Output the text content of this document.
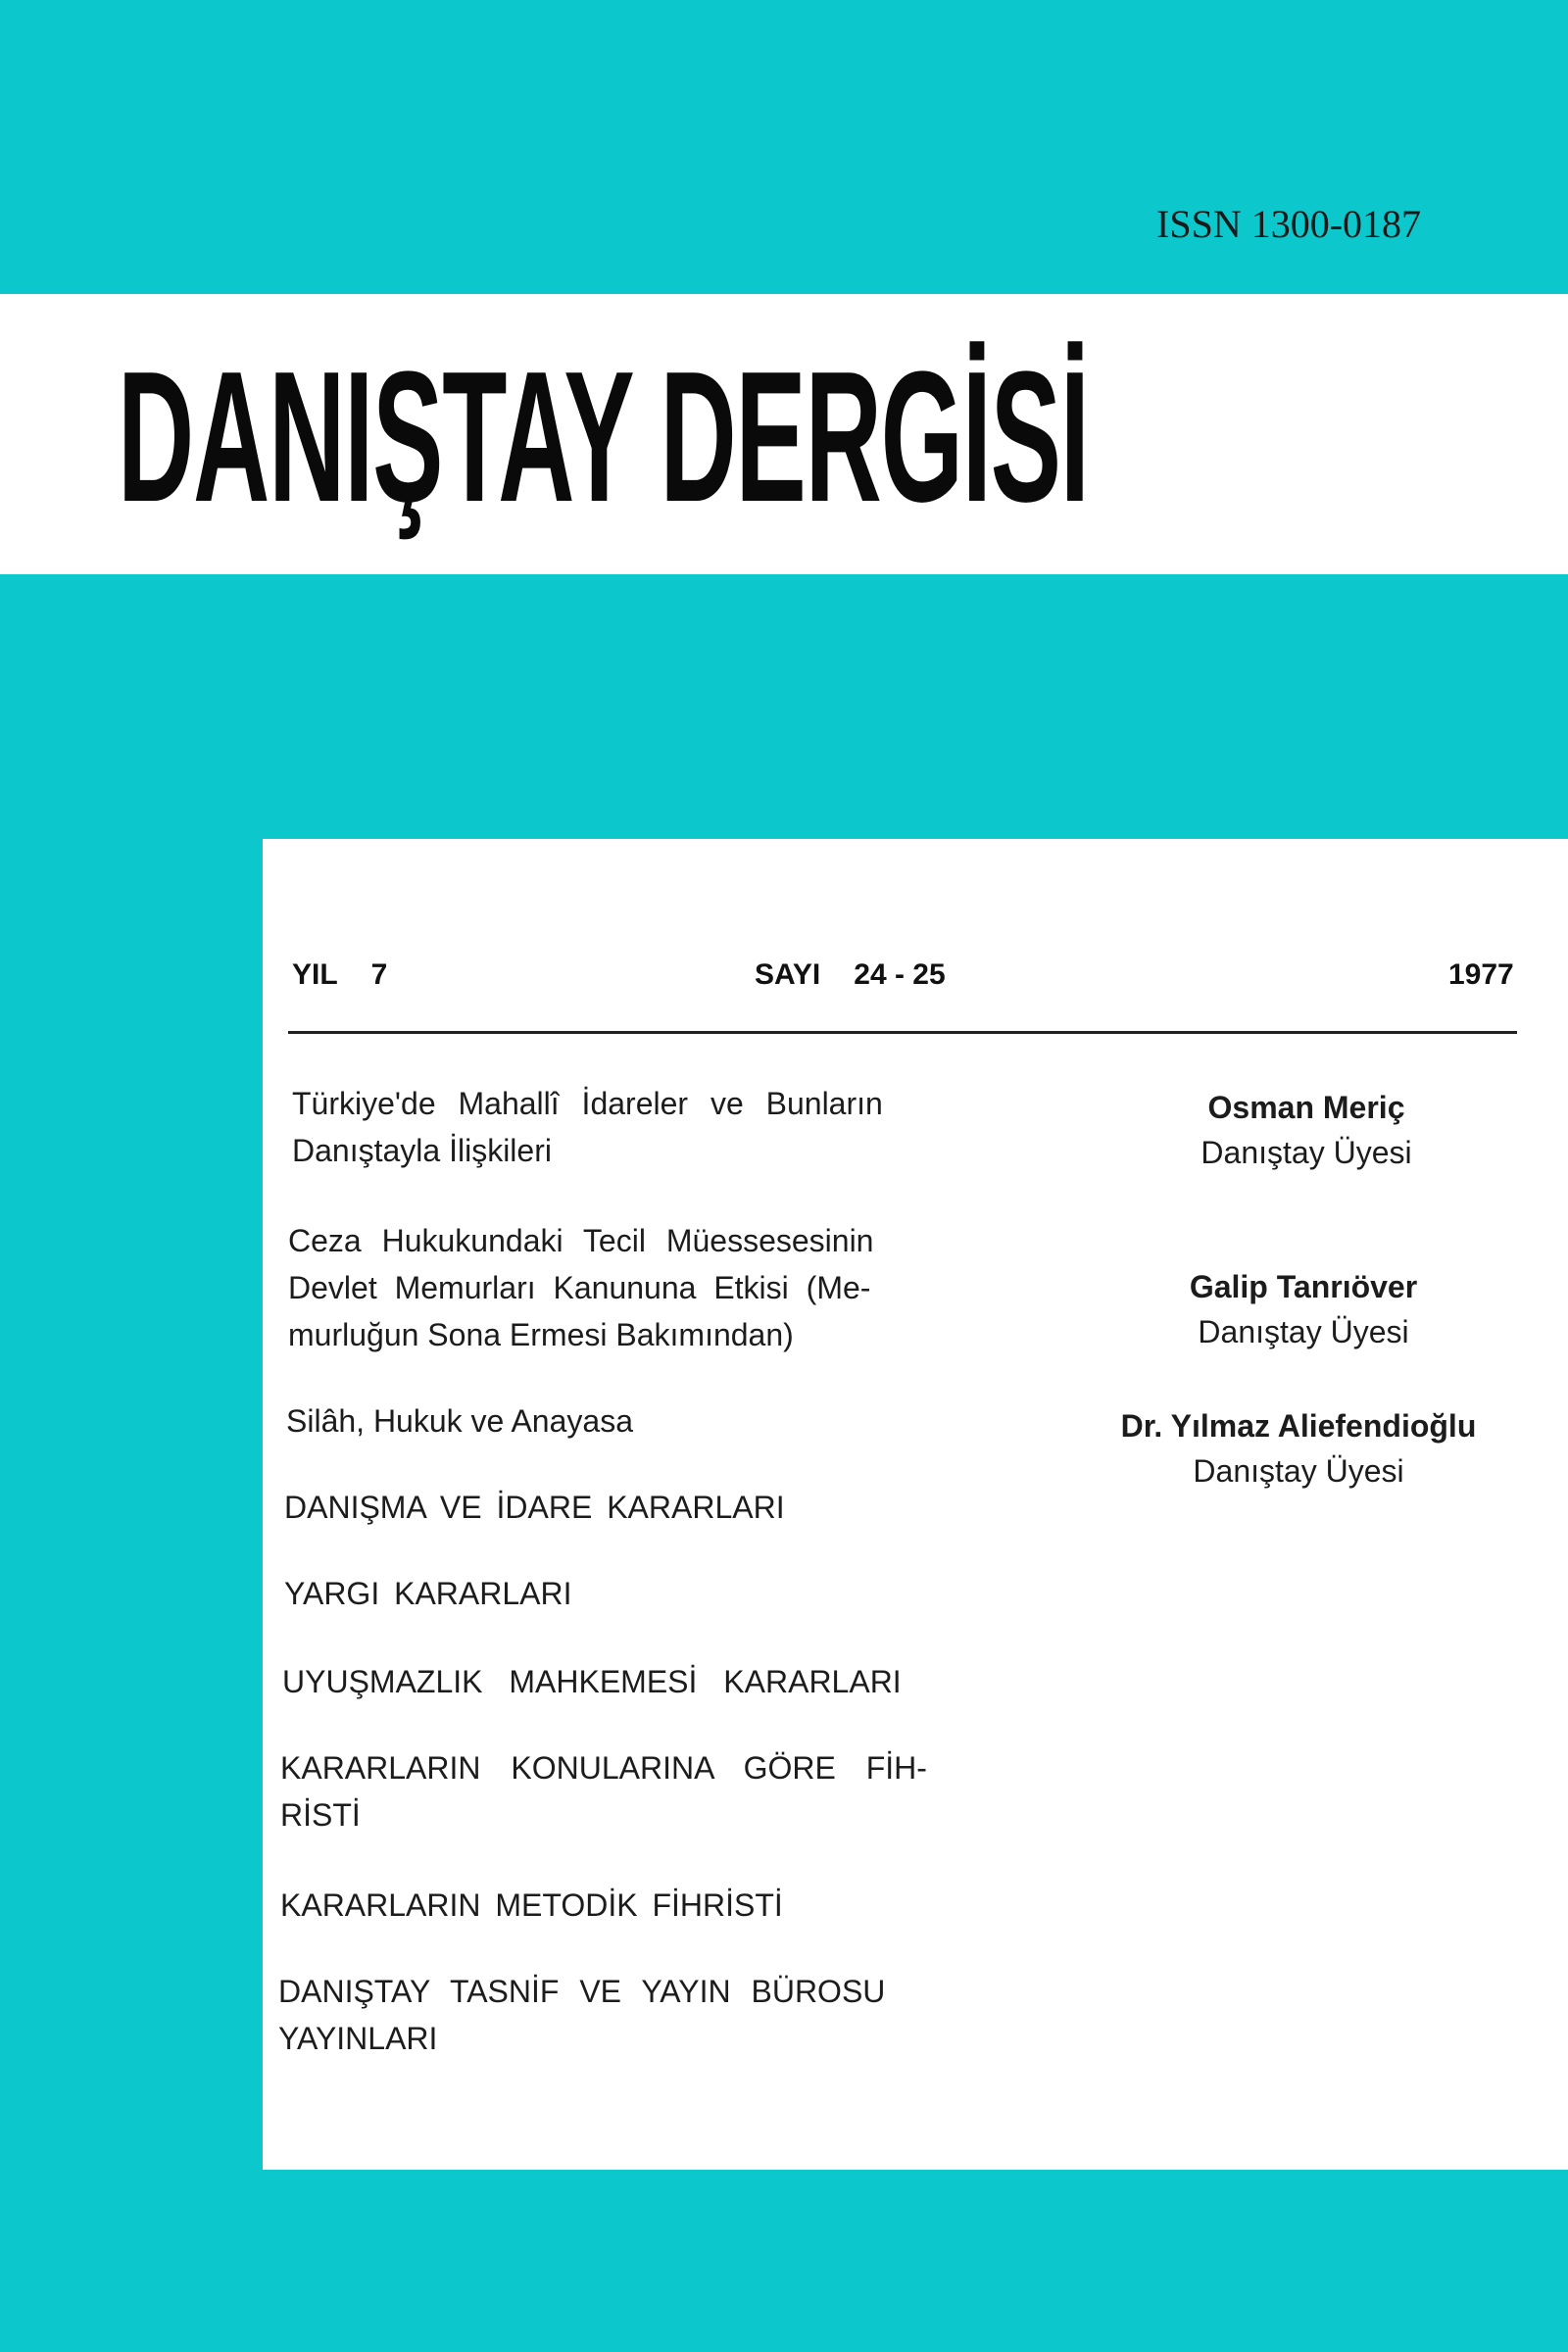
ISSN 1300-0187
DANIŞTAY DERGİSİ
YIL 7	SAYI 24 - 25	1977
Türkiye'de Mahallî İdareler ve Bunların
Danıştayla İlişkileri
Osman Meriç
Danıştay Üyesi
Ceza Hukukundaki Tecil Müessesesinin
Devlet Memurları Kanununa Etkisi (Me-
murluğun Sona Ermesi Bakımından)
Galip Tanrıöver
Danıştay Üyesi
Silâh, Hukuk ve Anayasa	Dr. Yılmaz Aliefendioğlu
Danıştay Üyesi
DANIŞMA VE İDARE KARARLARI
YARGI KARARLARI
UYUŞMAZLIK MAHKEMESİ KARARLARI
KARARLARIN KONULARINA GÖRE FİH-
RİSTİ
KARARLARIN METODİK FİHRİSTİ
DANIŞTAY TASNİF VE YAYIN BÜROSU
YAYINLARI
